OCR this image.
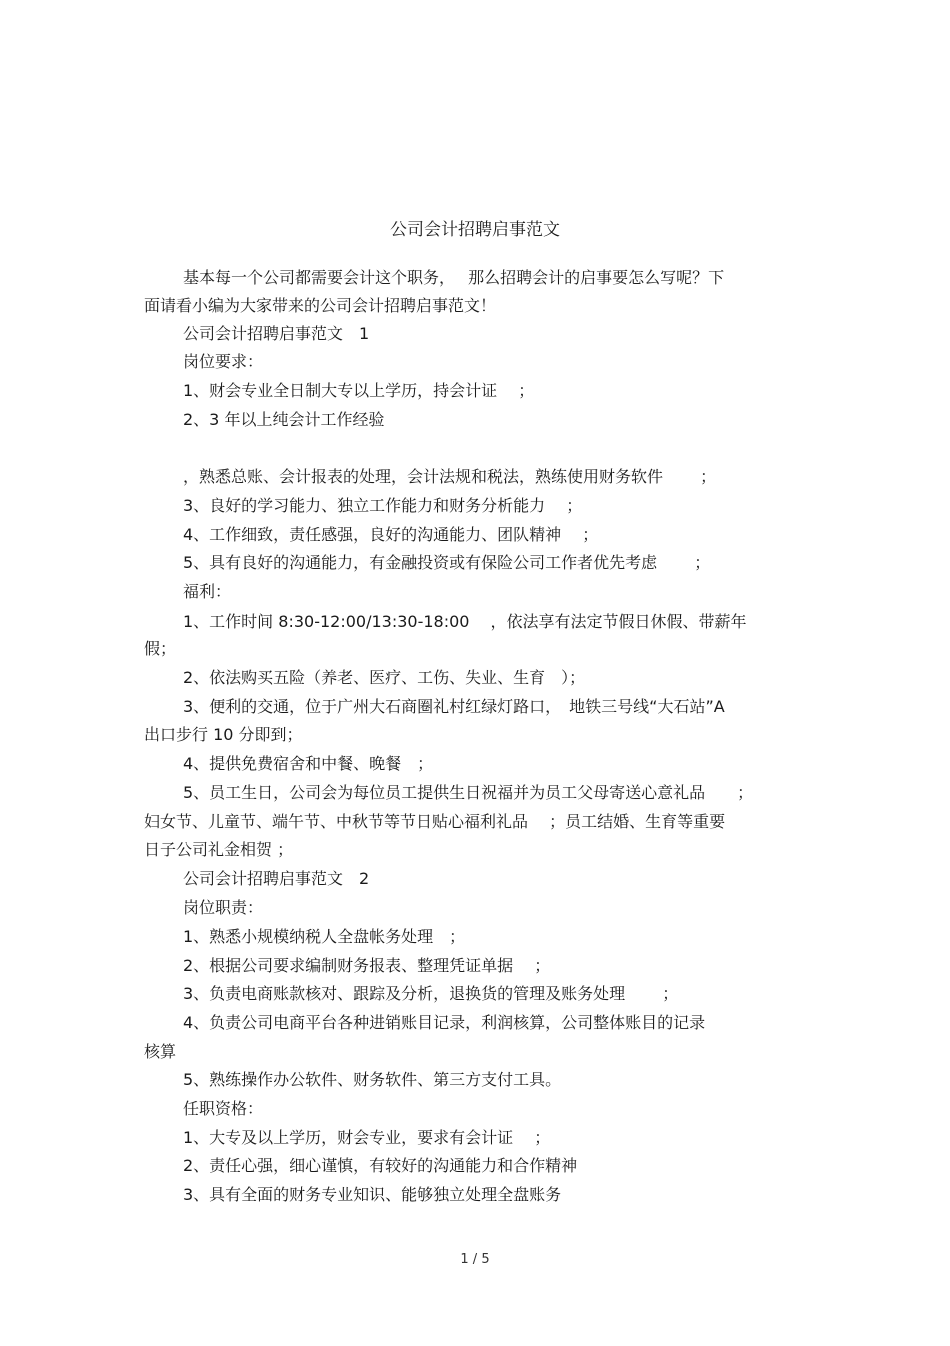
公司会计招聘启事范文
基本每一个公司都需要会计这个职务，　 那么招聘会计的启事要怎么写呢？下
面请看小编为大家带来的公司会计招聘启事范文！
公司会计招聘启事范文　1
岗位要求：
1、财会专业全日制大专以上学历，持会计证　 ；
2、3 年以上纯会计工作经验
，熟悉总账、会计报表的处理，会计法规和税法，熟练使用财务软件　　 ；
3、良好的学习能力、独立工作能力和财务分析能力　 ；
4、工作细致，责任感强，良好的沟通能力、团队精神　 ；
5、具有良好的沟通能力，有金融投资或有保险公司工作者优先考虑　　 ；
福利：
1、工作时间 8:30-12:00/13:30-18:00　 ，依法享有法定节假日休假、带薪年
假；
2、依法购买五险（养老、医疗、工伤、失业、生育　）；
3、便利的交通，位于广州大石商圈礼村红绿灯路口，　地铁三号线“大石站”A
出口步行 10 分即到；
4、提供免费宿舍和中餐、晚餐　；
5、员工生日，公司会为每位员工提供生日祝福并为员工父母寄送心意礼品　　；
妇女节、儿童节、端午节、中秋节等节日贴心福利礼品　 ；员工结婚、生育等重要
日子公司礼金相贺 ；
公司会计招聘启事范文　2
岗位职责：
1、熟悉小规模纳税人全盘帐务处理　；
2、根据公司要求编制财务报表、整理凭证单据　 ；
3、负责电商账款核对、跟踪及分析，退换货的管理及账务处理　　 ；
4、负责公司电商平台各种进销账目记录，利润核算，公司整体账目的记录
核算
5、熟练操作办公软件、财务软件、第三方支付工具。
任职资格：
1、大专及以上学历，财会专业，要求有会计证　 ；
2、责任心强，细心谨慎，有较好的沟通能力和合作精神
3、具有全面的财务专业知识、能够独立处理全盘账务
1 / 5
